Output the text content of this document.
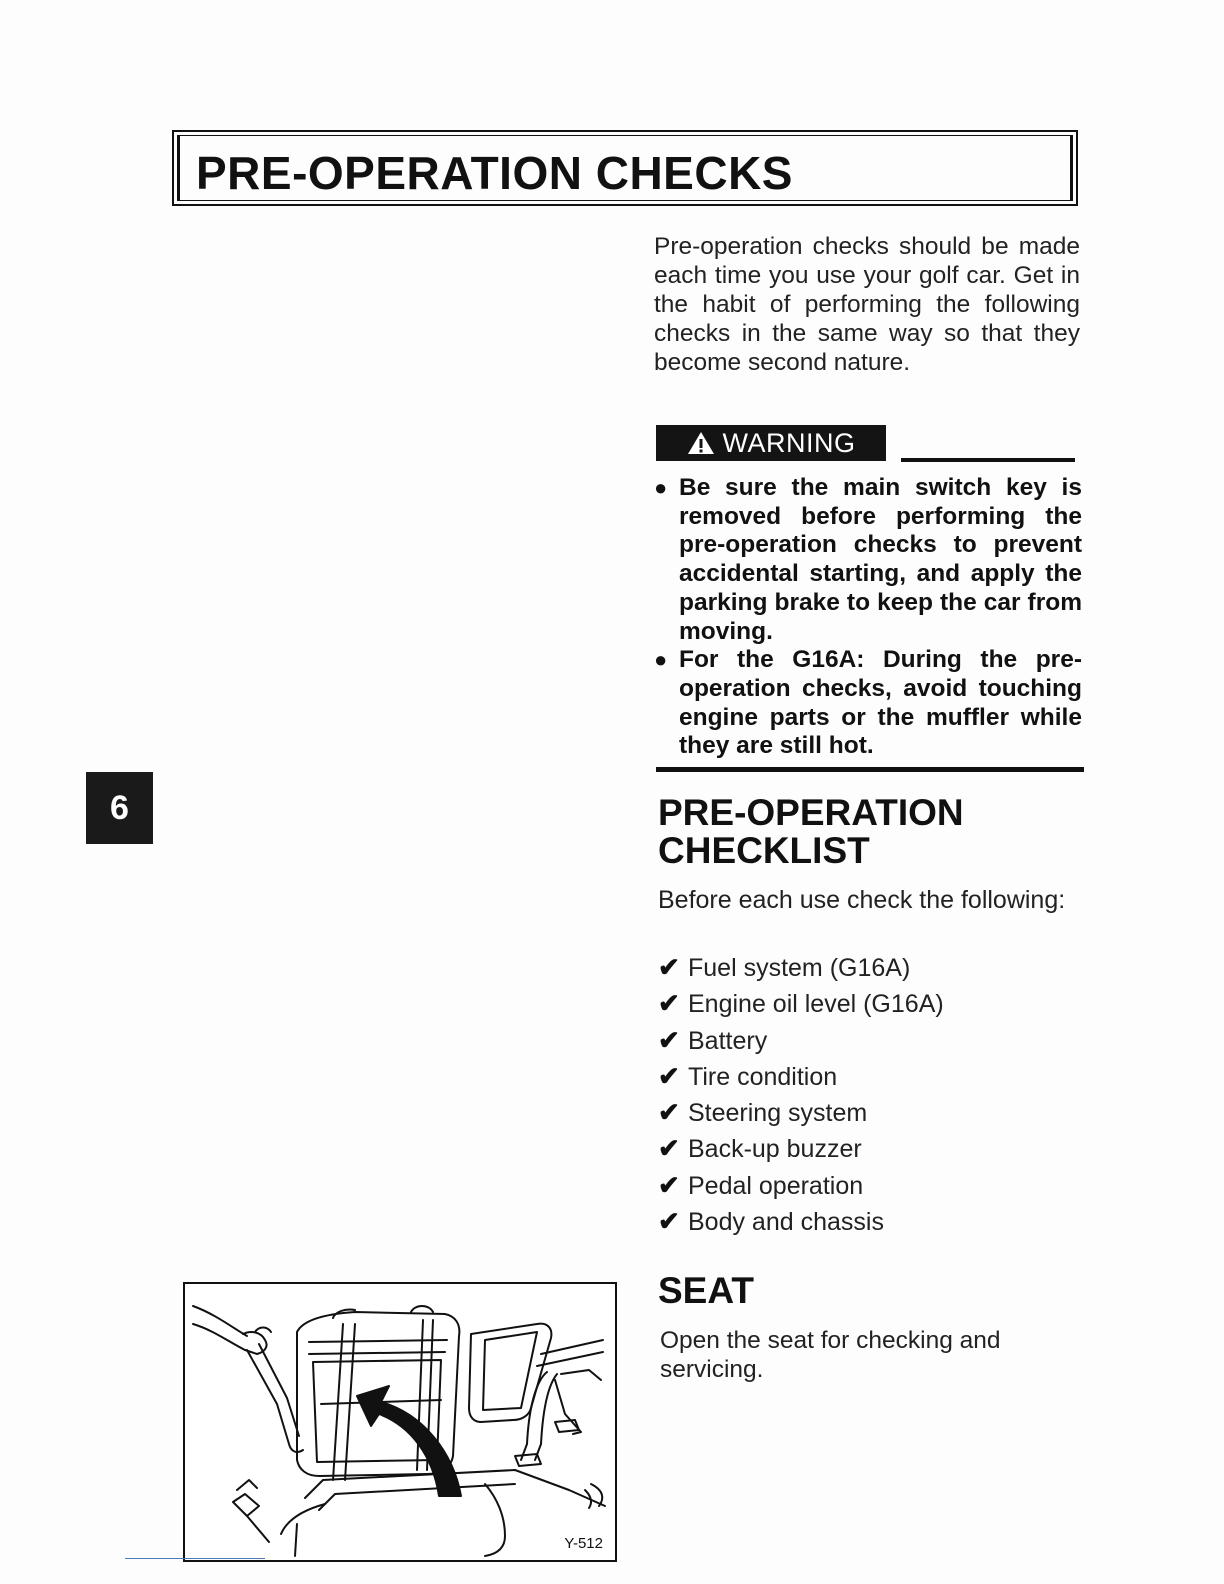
PRE-OPERATION CHECKS
Pre-operation checks should be made each time you use your golf car. Get in the habit of performing the following checks in the same way so that they become second nature.
WARNING
● Be sure the main switch key is removed before performing the pre-operation checks to prevent accidental starting, and apply the parking brake to keep the car from moving.
● For the G16A: During the pre-operation checks, avoid touching engine parts or the muffler while they are still hot.
PRE-OPERATION CHECKLIST
Before each use check the following:
✔ Fuel system (G16A)
✔ Engine oil level (G16A)
✔ Battery
✔ Tire condition
✔ Steering system
✔ Back-up buzzer
✔ Pedal operation
✔ Body and chassis
SEAT
Open the seat for checking and servicing.
6
Y-512
